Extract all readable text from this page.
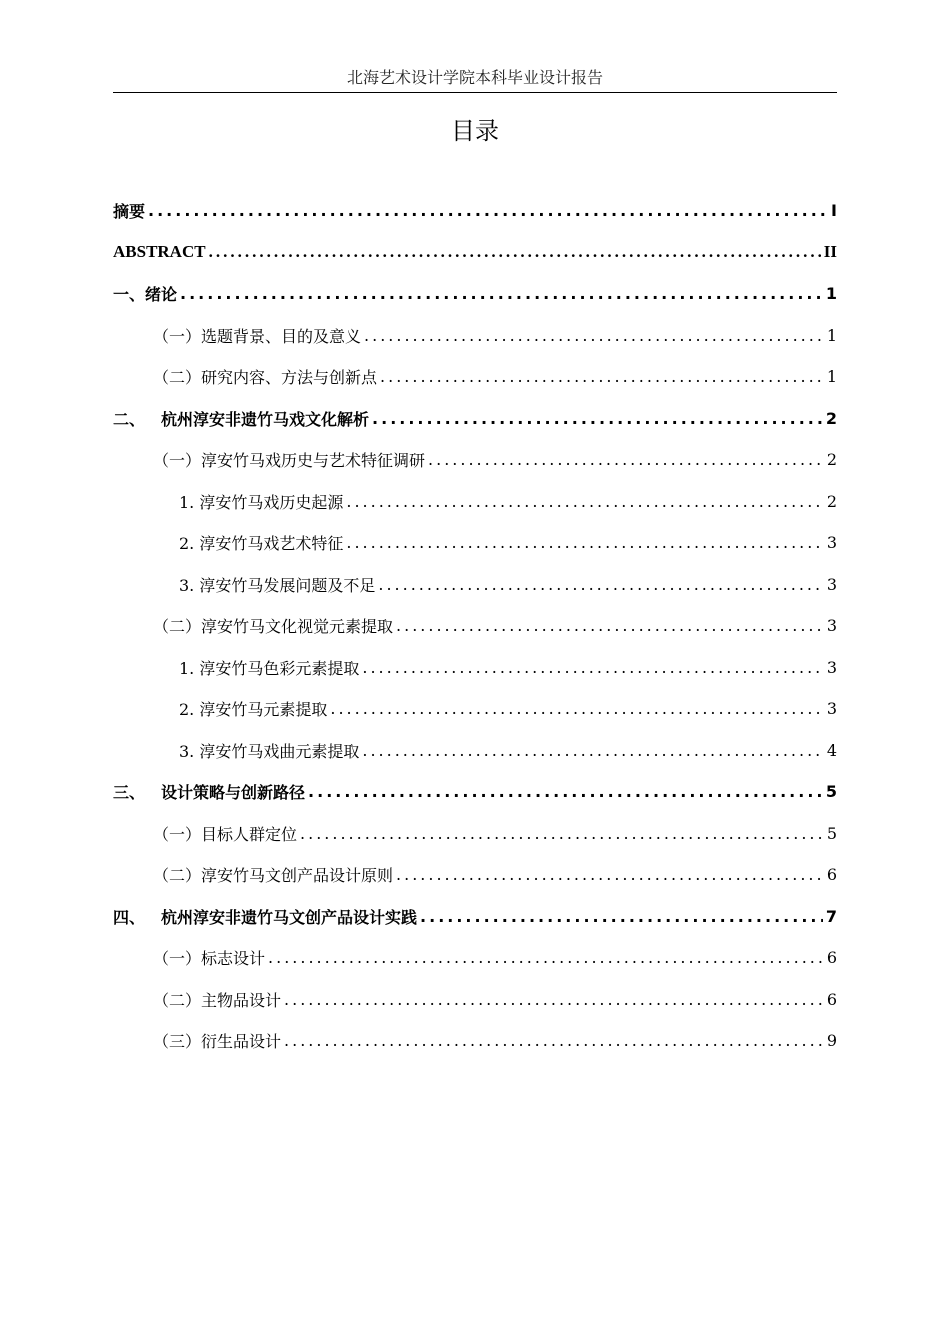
北海艺术设计学院本科毕业设计报告
目录
摘要 .....	I
ABSTRACT .....	II
一、绪论 .....	1
（一）选题背景、目的及意义 .....	1
（二）研究内容、方法与创新点 .....	1
二、 杭州淳安非遗竹马戏文化解析 .....	2
（一）淳安竹马戏历史与艺术特征调研 .....	2
1. 淳安竹马戏历史起源 .....	2
2. 淳安竹马戏艺术特征 .....	3
3. 淳安竹马发展问题及不足 .....	3
（二）淳安竹马文化视觉元素提取 .....	3
1. 淳安竹马色彩元素提取 .....	3
2. 淳安竹马元素提取 .....	3
3. 淳安竹马戏曲元素提取 .....	4
三、 设计策略与创新路径 .....	5
（一）目标人群定位 .....	5
（二）淳安竹马文创产品设计原则 .....	6
四、 杭州淳安非遗竹马文创产品设计实践 .....	7
（一）标志设计 .....	6
（二）主物品设计 .....	6
（三）衍生品设计 .....	9
